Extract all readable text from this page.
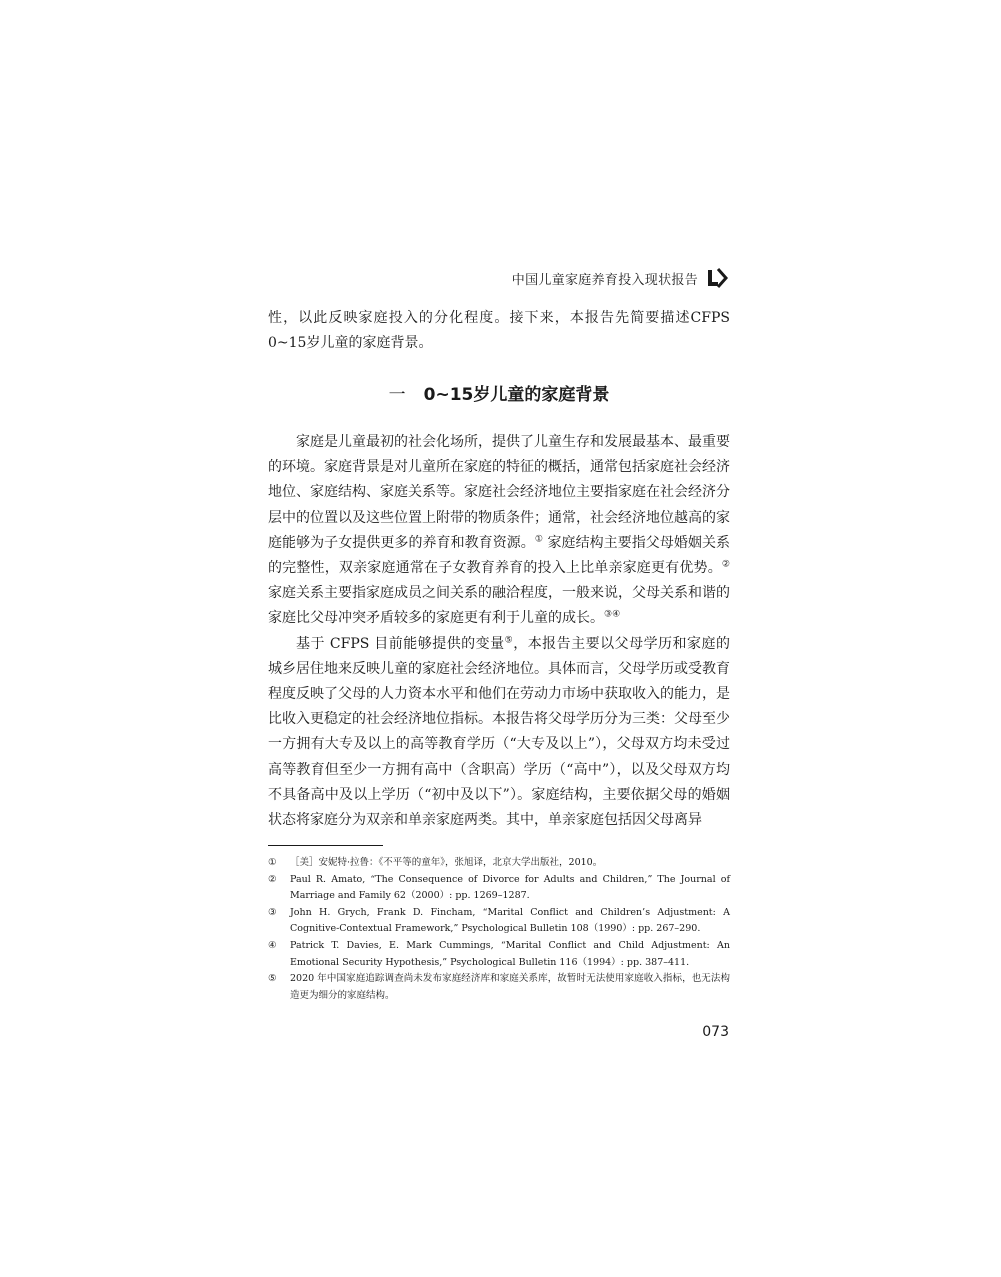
中国儿童家庭养育投入现状报告

性，以此反映家庭投入的分化程度。接下来，本报告先简要描述CFPS 0~15岁儿童的家庭背景。

一 0~15岁儿童的家庭背景

家庭是儿童最初的社会化场所，提供了儿童生存和发展最基本、最重要的环境。家庭背景是对儿童所在家庭的特征的概括，通常包括家庭社会经济地位、家庭结构、家庭关系等。家庭社会经济地位主要指家庭在社会经济分层中的位置以及这些位置上附带的物质条件；通常，社会经济地位越高的家庭能够为子女提供更多的养育和教育资源。① 家庭结构主要指父母婚姻关系的完整性，双亲家庭通常在子女教育养育的投入上比单亲家庭更有优势。②家庭关系主要指家庭成员之间关系的融洽程度，一般来说，父母关系和谐的家庭比父母冲突矛盾较多的家庭更有利于儿童的成长。③④

基于 CFPS 目前能够提供的变量⑤，本报告主要以父母学历和家庭的城乡居住地来反映儿童的家庭社会经济地位。具体而言，父母学历或受教育程度反映了父母的人力资本水平和他们在劳动力市场中获取收入的能力，是比收入更稳定的社会经济地位指标。本报告将父母学历分为三类：父母至少一方拥有大专及以上的高等教育学历（“大专及以上”），父母双方均未受过高等教育但至少一方拥有高中（含职高）学历（“高中”），以及父母双方均不具备高中及以上学历（“初中及以下”）。家庭结构，主要依据父母的婚姻状态将家庭分为双亲和单亲家庭两类。其中，单亲家庭包括因父母离异

①	［美］安妮特·拉鲁：《不平等的童年》，张旭译，北京大学出版社，2010。
②	Paul R. Amato, “The Consequence of Divorce for Adults and Children,” The Journal of Marriage and Family 62（2000）: pp. 1269–1287.
③	John H. Grych, Frank D. Fincham, “Marital Conflict and Children’s Adjustment: A Cognitive-Contextual Framework,” Psychological Bulletin 108（1990）: pp. 267–290.
④	Patrick T. Davies, E. Mark Cummings, “Marital Conflict and Child Adjustment: An Emotional Security Hypothesis,” Psychological Bulletin 116（1994）: pp. 387–411.
⑤	2020 年中国家庭追踪调查尚未发布家庭经济库和家庭关系库，故暂时无法使用家庭收入指标，也无法构造更为细分的家庭结构。
073
